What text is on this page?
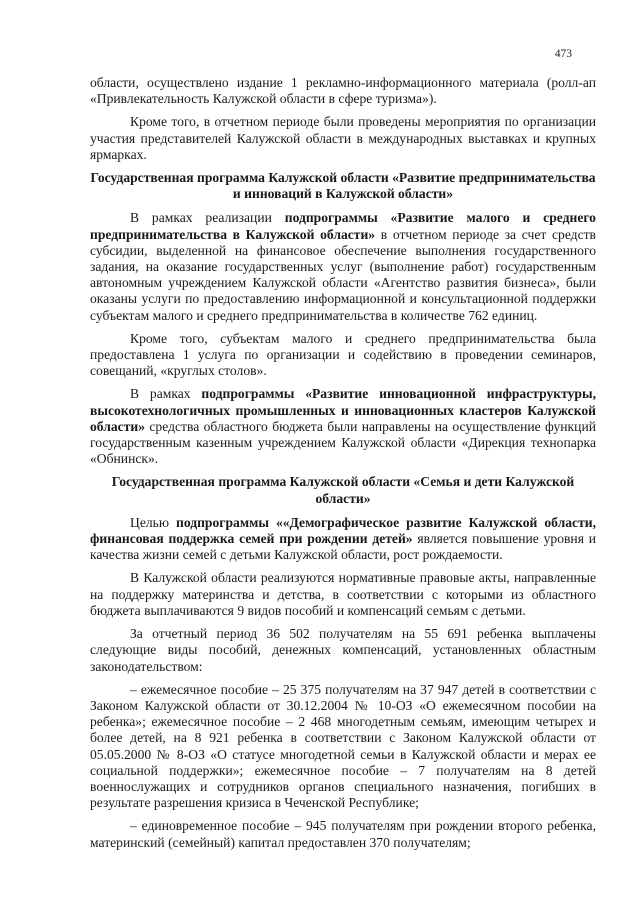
473

области, осуществлено издание 1 рекламно-информационного материала (ролл-ап «Привлекательность Калужской области в сфере туризма»).

Кроме того, в отчетном периоде были проведены мероприятия по организации участия представителей Калужской области в международных выставках и крупных ярмарках.

Государственная программа Калужской области «Развитие предпринимательства и инноваций в Калужской области»

В рамках реализации подпрограммы «Развитие малого и среднего предпринимательства в Калужской области» в отчетном периоде за счет средств субсидии, выделенной на финансовое обеспечение выполнения государственного задания, на оказание государственных услуг (выполнение работ) государственным автономным учреждением Калужской области «Агентство развития бизнеса», были оказаны услуги по предоставлению информационной и консультационной поддержки субъектам малого и среднего предпринимательства в количестве 762 единиц.

Кроме того, субъектам малого и среднего предпринимательства была предоставлена 1 услуга по организации и содействию в проведении семинаров, совещаний, «круглых столов».

В рамках подпрограммы «Развитие инновационной инфраструктуры, высокотехнологичных промышленных и инновационных кластеров Калужской области» средства областного бюджета были направлены на осуществление функций государственным казенным учреждением Калужской области «Дирекция технопарка «Обнинск».

Государственная программа Калужской области «Семья и дети Калужской области»

Целью подпрограммы ««Демографическое развитие Калужской области, финансовая поддержка семей при рождении детей» является повышение уровня и качества жизни семей с детьми Калужской области, рост рождаемости.

В Калужской области реализуются нормативные правовые акты, направленные на поддержку материнства и детства, в соответствии с которыми из областного бюджета выплачиваются 9 видов пособий и компенсаций семьям с детьми.

За отчетный период 36 502 получателям на 55 691 ребенка выплачены следующие виды пособий, денежных компенсаций, установленных областным законодательством:

– ежемесячное пособие – 25 375 получателям на 37 947 детей в соответствии с Законом Калужской области от 30.12.2004 № 10-ОЗ «О ежемесячном пособии на ребенка»; ежемесячное пособие – 2 468 многодетным семьям, имеющим четырех и более детей, на 8 921 ребенка в соответствии с Законом Калужской области от 05.05.2000 № 8-ОЗ «О статусе многодетной семьи в Калужской области и мерах ее социальной поддержки»; ежемесячное пособие – 7 получателям на 8 детей военнослужащих и сотрудников органов специального назначения, погибших в результате разрешения кризиса в Чеченской Республике;

– единовременное пособие – 945 получателям при рождении второго ребенка, материнский (семейный) капитал предоставлен 370 получателям;
